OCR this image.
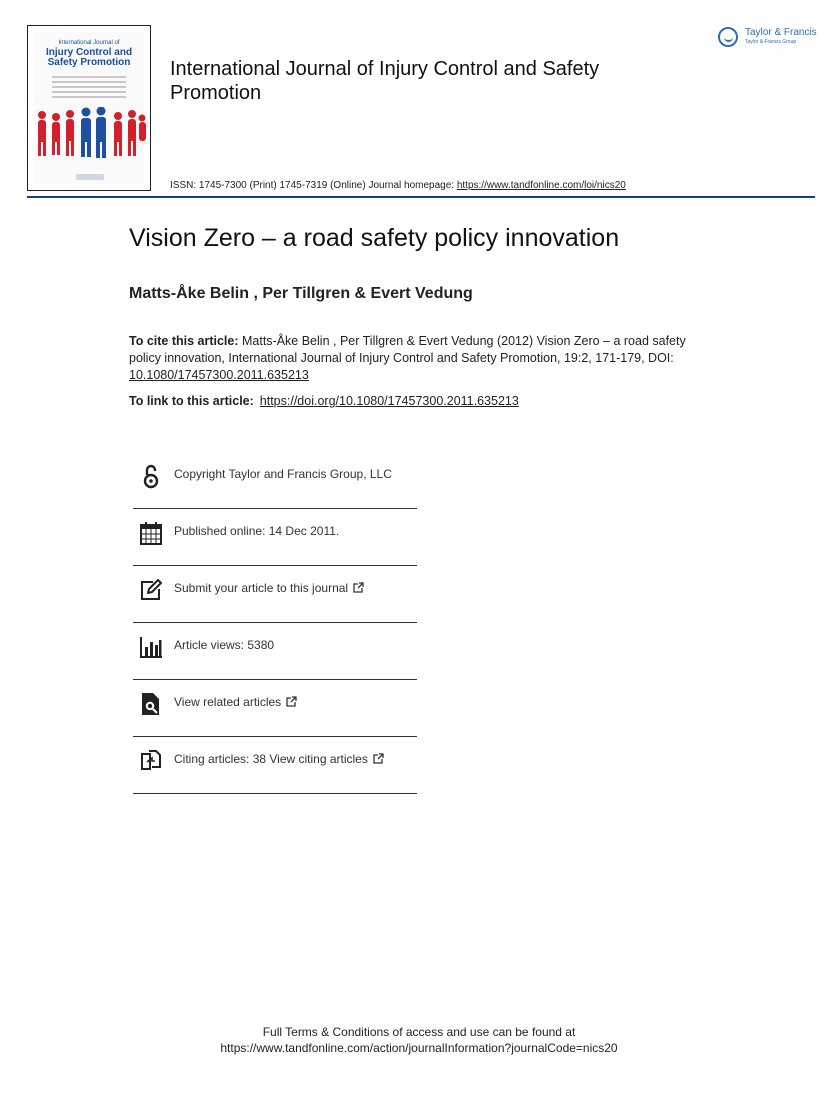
International Journal of
Injury Control and
Safety Promotion	International Journal of Injury Control and Safety Promotion
Taylor & Francis
Taylor & Francis Group
ISSN: 1745-7300 (Print) 1745-7319 (Online) Journal homepage: https://www.tandfonline.com/loi/nics20
Vision Zero – a road safety policy innovation
Matts-Åke Belin , Per Tillgren & Evert Vedung
To cite this article: Matts-Åke Belin , Per Tillgren & Evert Vedung (2012) Vision Zero – a road safety policy innovation, International Journal of Injury Control and Safety Promotion, 19:2, 171-179, DOI: 10.1080/17457300.2011.635213
To link to this article: https://doi.org/10.1080/17457300.2011.635213
Copyright Taylor and Francis Group, LLC
Published online: 14 Dec 2011.
Submit your article to this journal
Article views: 5380
View related articles
Citing articles: 38 View citing articles
Full Terms & Conditions of access and use can be found at
https://www.tandfonline.com/action/journalInformation?journalCode=nics20
